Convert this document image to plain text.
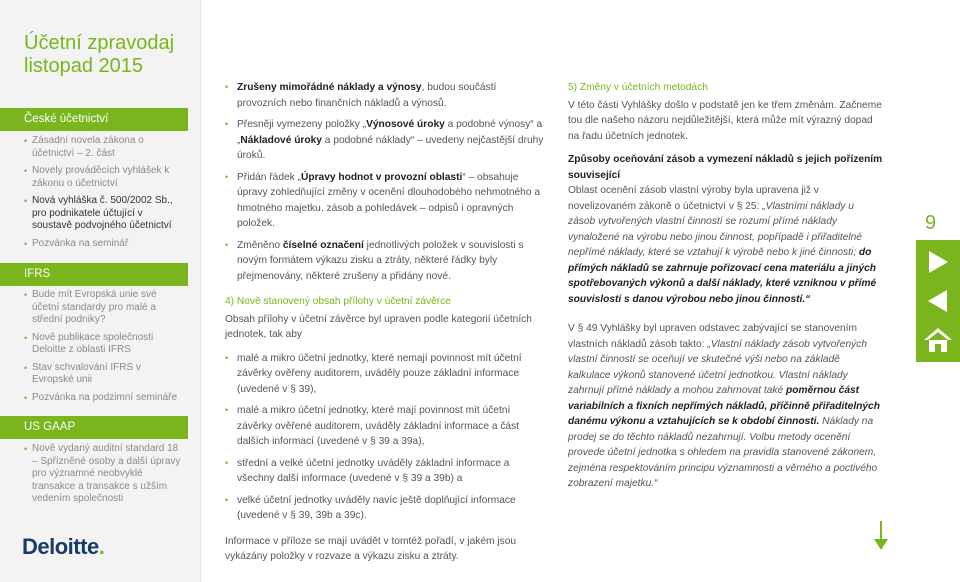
Účetní zpravodaj
listopad 2015
České účetnictví
• Zásadní novela zákona o účetnictví – 2. část
• Novely prováděcích vyhlášek k zákonu o účetnictví
• Nová vyhláška č. 500/2002 Sb., pro podnikatele účtující v soustavě podvojného účetnictví
• Pozvánka na seminář
IFRS
• Bude mít Evropská unie své účetní standardy pro malé a střední podniky?
• Nově publikace společnosti Deloitte z oblasti IFRS
• Stav schvalování IFRS v Evropské unii
• Pozvánka na podzimní semináře
US GAAP
• Nově vydaný auditní standard 18 – Spřízněné osoby a další úpravy pro významné neobvyklé transakce a transakce s užším vedením společnosti
Deloitte.
• Zrušeny mimořádné náklady a výnosy, budou součástí provozních nebo finančních nákladů a výnosů.
• Přesněji vymezeny položky „Výnosové úroky a podobné výnosy“ a „Nákladové úroky a podobné náklady“ – uvedeny nejčastější druhy úroků.
• Přidán řádek „Úpravy hodnot v provozní oblasti“ – obsahuje úpravy zohledňující změny v ocenění dlouhodobého nehmotného a hmotného majetku, zásob a pohledávek – odpisů i opravných položek.
• Změněno číselné označení jednotlivých položek v souvislosti s novým formátem výkazu zisku a ztráty, některé řádky byly přejmenovány, některé zrušeny a přidány nové.
4) Nově stanovený obsah přílohy v účetní závěrce

Obsah přílohy v účetní závěrce byl upraven podle kategorií účetních jednotek, tak aby

• malé a mikro účetní jednotky, které nemají povinnost mít účetní závěrky ověřeny auditorem, uváděly pouze základní informace (uvedené v § 39),
• malé a mikro účetní jednotky, které mají povinnost mít účetní závěrky ověřené auditorem, uváděly základní informace a část dalších informací (uvedené v § 39 a 39a),
• střední a velké účetní jednotky uváděly základní informace a všechny další informace (uvedené v § 39 a 39b) a
• velké účetní jednotky uváděly navíc ještě doplňující informace (uvedené v § 39, 39b a 39c).

Informace v příloze se mají uvádět v tomtéž pořadí, v jakém jsou vykázány položky v rozvaze a výkazu zisku a ztráty.

5) Změny v účetních metodách

V této části Vyhlášky došlo v podstatě jen ke třem změnám. Začneme tou dle našeho názoru nejdůležitější, která může mít výrazný dopad na řadu účetních jednotek.

Způsoby oceňování zásob a vymezení nákladů s jejich pořízením související

Oblast ocenění zásob vlastní výroby byla upravena již v novelizovaném zákoně o účetnictví v § 25: „Vlastními náklady u zásob vytvořených vlastní činností se rozumí přímé náklady vynaložené na výrobu nebo jinou činnost, popřípadě i přiřaditelné nepřímé náklady, které se vztahují k výrobě nebo k jiné činnosti; do přímých nákladů se zahrnuje pořizovací cena materiálu a jiných spotřebovaných výkonů a další náklady, které vzniknou v přímé souvislosti s danou výrobou nebo jinou činností.“

V § 49 Vyhlášky byl upraven odstavec zabývající se stanovením vlastních nákladů zásob takto: „Vlastní náklady zásob vytvořených vlastní činností se oceňují ve skutečné výši nebo na základě kalkulace výkonů stanovené účetní jednotkou. Vlastní náklady zahrnují přímé náklady a mohou zahrnovat také poměrnou část variabilních a fixních nepřímých nákladů, příčinně přiřaditelných danému výkonu a vztahujících se k období činnosti. Náklady na prodej se do těchto nákladů nezahrnují. Volbu metody ocenění provede účetní jednotka s ohledem na pravidla stanovené zákonem, zejména respektováním principu významnosti a věrného a poctivého zobrazení majetku.“

9
